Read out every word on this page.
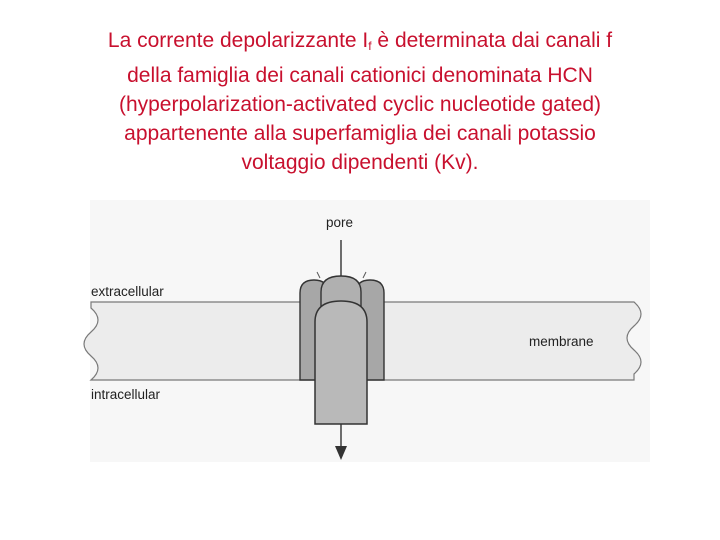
La corrente depolarizzante $I_f$ è determinata dai canali f
della famiglia dei canali cationici denominata HCN
(hyperpolarization-activated cyclic nucleotide gated)
appartenente alla superfamiglia dei canali potassio
voltaggio dipendenti (Kv).
pore
extracellular
membrane
intracellular
